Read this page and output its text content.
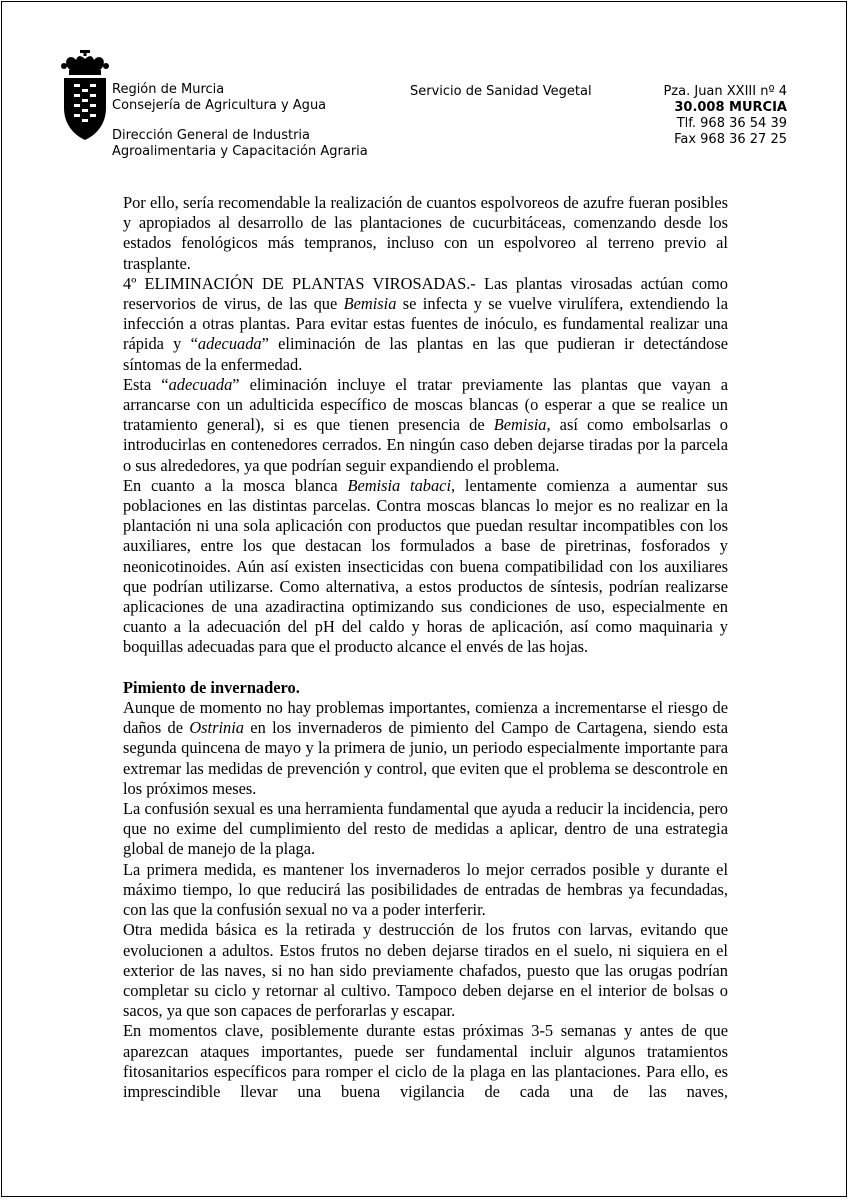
Región de Murcia
Consejería de Agricultura y Agua
Dirección General de Industria
Agroalimentaria y Capacitación Agraria
Servicio de Sanidad Vegetal	Pza. Juan XXIII nº 4
30.008 MURCIA
Tlf. 968 36 54 39
Fax 968 36 27 25

Por ello, sería recomendable la realización de cuantos espolvoreos de azufre fueran posibles y apropiados al desarrollo de las plantaciones de cucurbitáceas, comenzando desde los estados fenológicos más tempranos, incluso con un espolvoreo al terreno previo al trasplante.

4º ELIMINACIÓN DE PLANTAS VIROSADAS.- Las plantas virosadas actúan como reservorios de virus, de las que Bemisia se infecta y se vuelve virulífera, extendiendo la infección a otras plantas. Para evitar estas fuentes de inóculo, es fundamental realizar una rápida y “adecuada” eliminación de las plantas en las que pudieran ir detectándose síntomas de la enfermedad.

Esta “adecuada” eliminación incluye el tratar previamente las plantas que vayan a arrancarse con un adulticida específico de moscas blancas (o esperar a que se realice un tratamiento general), si es que tienen presencia de Bemisia, así como embolsarlas o introducirlas en contenedores cerrados. En ningún caso deben dejarse tiradas por la parcela o sus alrededores, ya que podrían seguir expandiendo el problema.

En cuanto a la mosca blanca Bemisia tabaci, lentamente comienza a aumentar sus poblaciones en las distintas parcelas. Contra moscas blancas lo mejor es no realizar en la plantación ni una sola aplicación con productos que puedan resultar incompatibles con los auxiliares, entre los que destacan los formulados a base de piretrinas, fosforados y neonicotinoides. Aún así existen insecticidas con buena compatibilidad con los auxiliares que podrían utilizarse. Como alternativa, a estos productos de síntesis, podrían realizarse aplicaciones de una azadiractina optimizando sus condiciones de uso, especialmente en cuanto a la adecuación del pH del caldo y horas de aplicación, así como maquinaria y boquillas adecuadas para que el producto alcance el envés de las hojas.

Pimiento de invernadero.

Aunque de momento no hay problemas importantes, comienza a incrementarse el riesgo de daños de Ostrinia en los invernaderos de pimiento del Campo de Cartagena, siendo esta segunda quincena de mayo y la primera de junio, un periodo especialmente importante para extremar las medidas de prevención y control, que eviten que el problema se descontrole en los próximos meses.

La confusión sexual es una herramienta fundamental que ayuda a reducir la incidencia, pero que no exime del cumplimiento del resto de medidas a aplicar, dentro de una estrategia global de manejo de la plaga.

La primera medida, es mantener los invernaderos lo mejor cerrados posible y durante el máximo tiempo, lo que reducirá las posibilidades de entradas de hembras ya fecundadas, con las que la confusión sexual no va a poder interferir.

Otra medida básica es la retirada y destrucción de los frutos con larvas, evitando que evolucionen a adultos. Estos frutos no deben dejarse tirados en el suelo, ni siquiera en el exterior de las naves, si no han sido previamente chafados, puesto que las orugas podrían completar su ciclo y retornar al cultivo. Tampoco deben dejarse en el interior de bolsas o sacos, ya que son capaces de perforarlas y escapar.

En momentos clave, posiblemente durante estas próximas 3-5 semanas y antes de que aparezcan ataques importantes, puede ser fundamental incluir algunos tratamientos fitosanitarios específicos para romper el ciclo de la plaga en las plantaciones. Para ello, es imprescindible llevar una buena vigilancia de cada una de las naves,
